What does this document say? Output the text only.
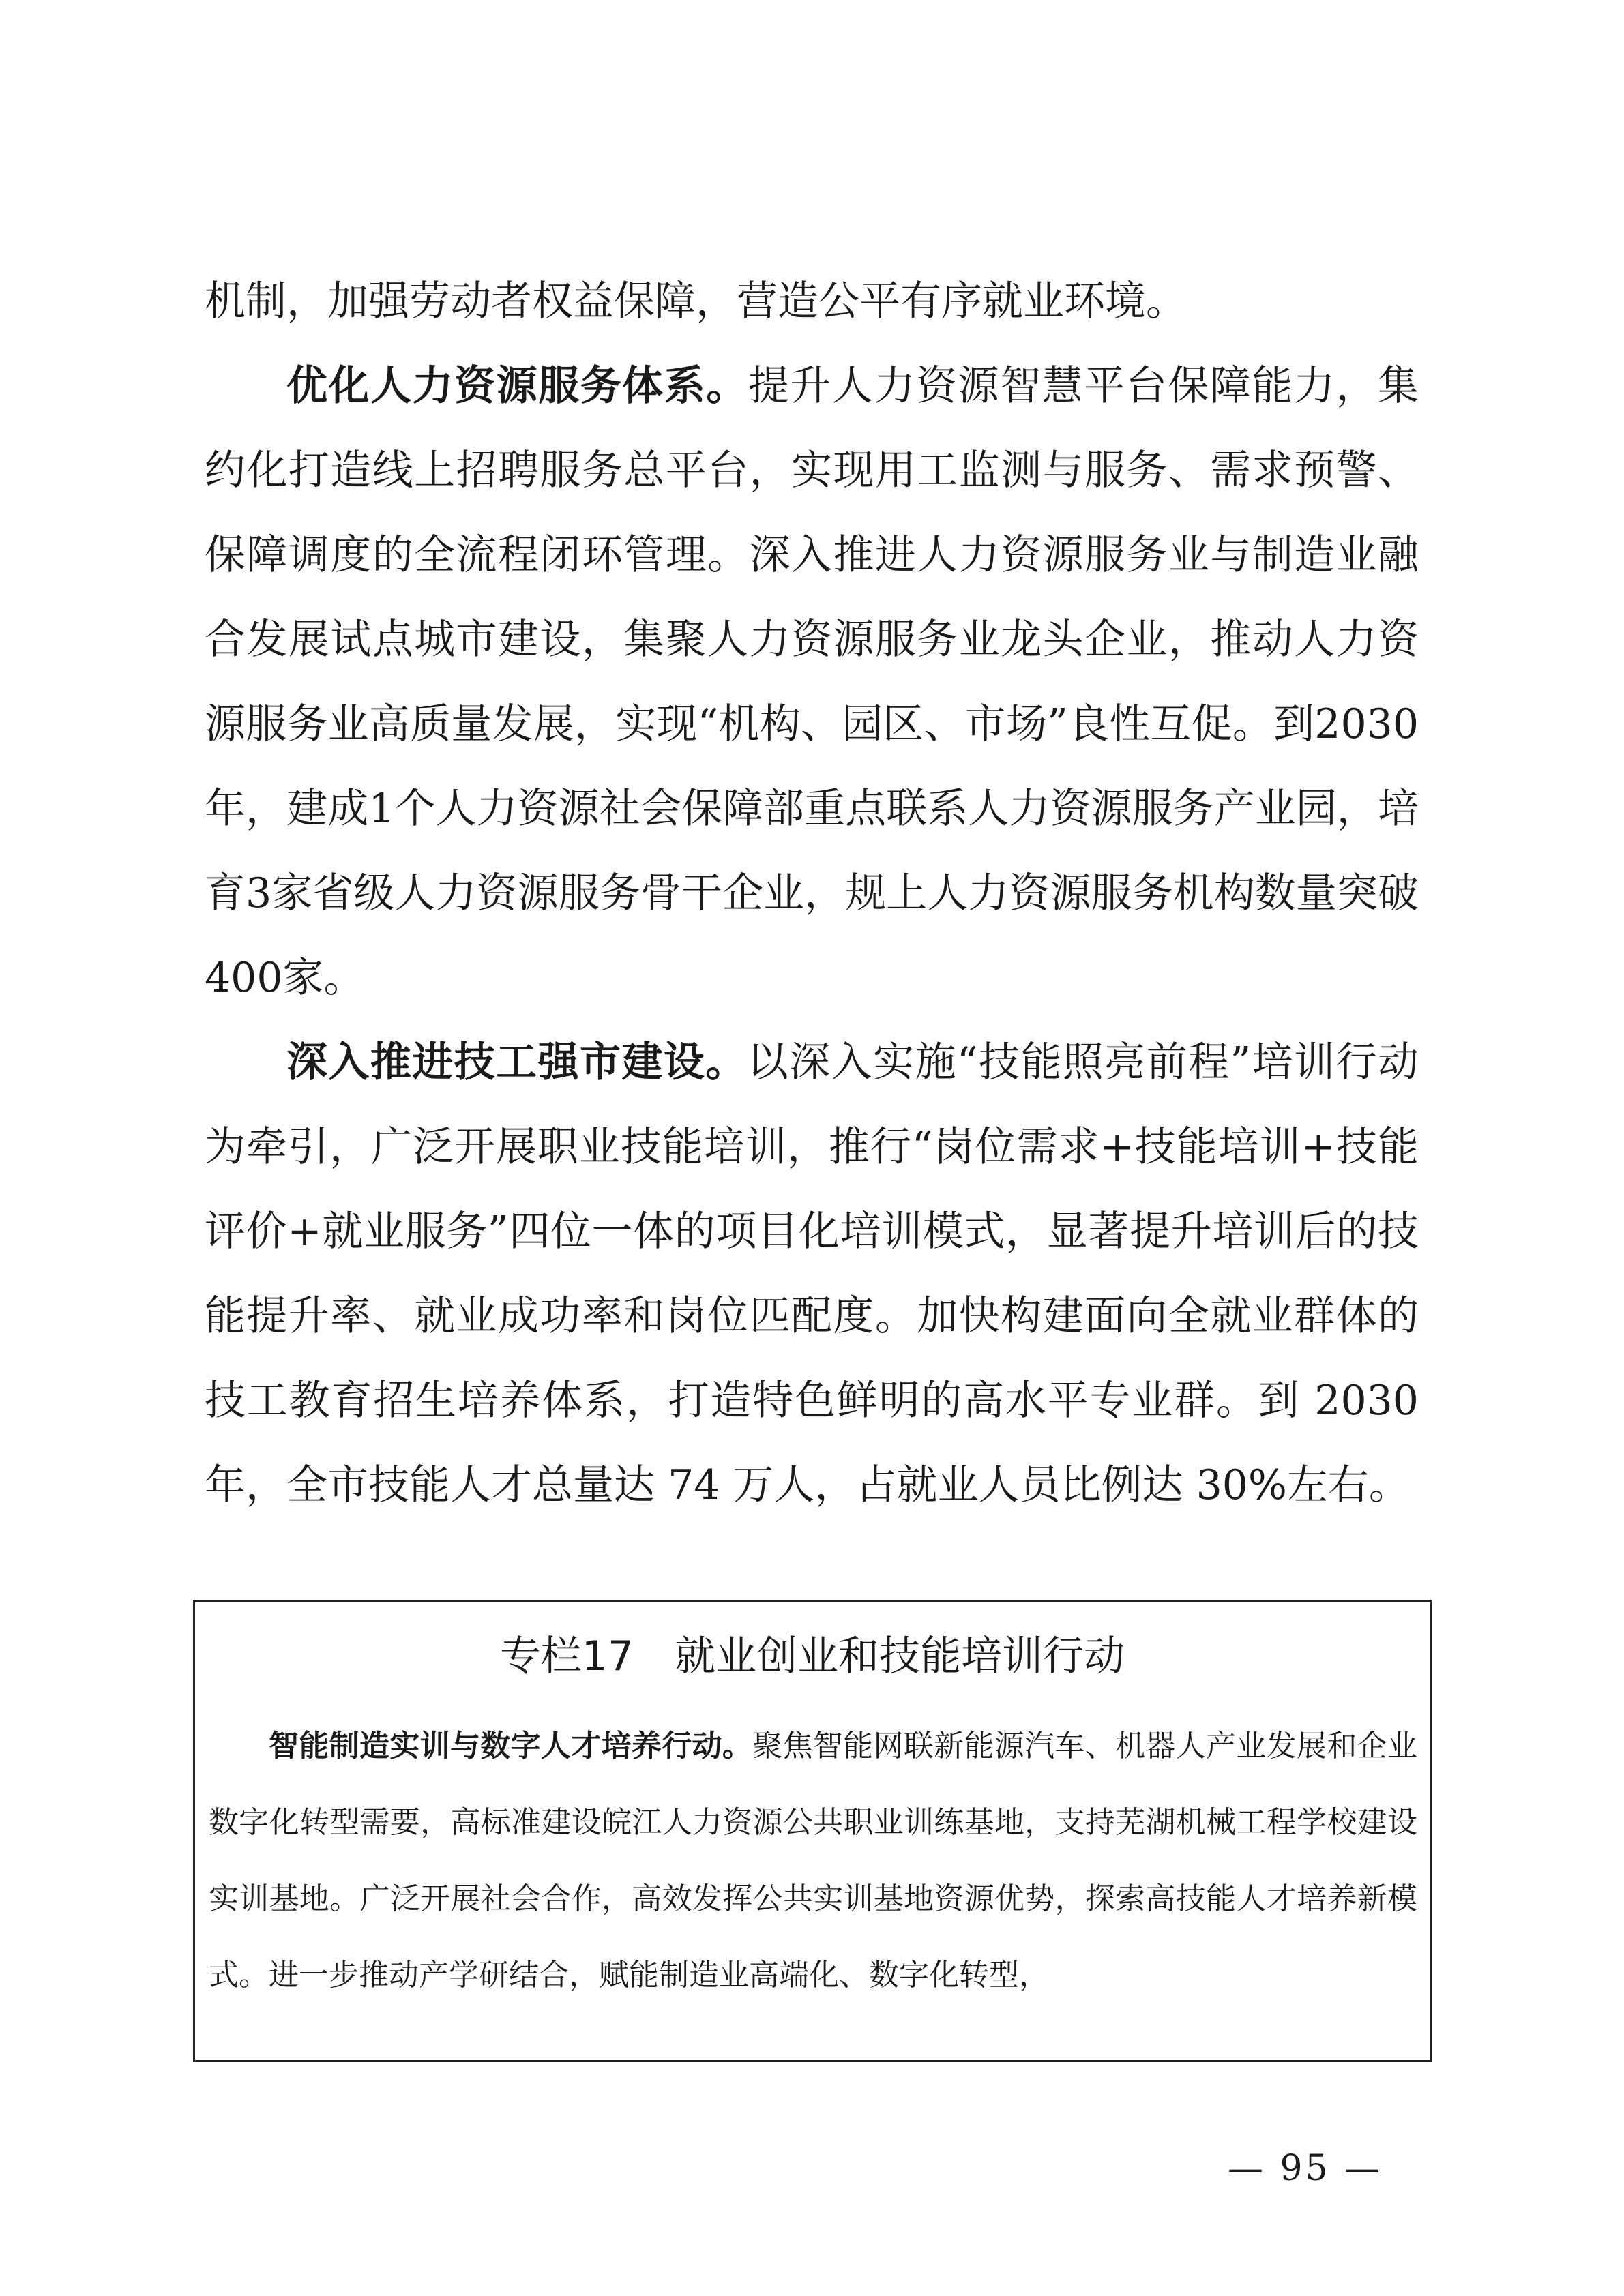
机制，加强劳动者权益保障，营造公平有序就业环境。

优化人力资源服务体系。提升人力资源智慧平台保障能力，集约化打造线上招聘服务总平台，实现用工监测与服务、需求预警、保障调度的全流程闭环管理。深入推进人力资源服务业与制造业融合发展试点城市建设，集聚人力资源服务业龙头企业，推动人力资源服务业高质量发展，实现“机构、园区、市场”良性互促。到2030年，建成1个人力资源社会保障部重点联系人力资源服务产业园，培育3家省级人力资源服务骨干企业，规上人力资源服务机构数量突破400家。

深入推进技工强市建设。以深入实施“技能照亮前程”培训行动为牵引，广泛开展职业技能培训，推行“岗位需求+技能培训+技能评价+就业服务”四位一体的项目化培训模式，显著提升培训后的技能提升率、就业成功率和岗位匹配度。加快构建面向全就业群体的技工教育招生培养体系，打造特色鲜明的高水平专业群。到 2030 年，全市技能人才总量达 74 万人，占就业人员比例达 30%左右。

专栏17 就业创业和技能培训行动

智能制造实训与数字人才培养行动。聚焦智能网联新能源汽车、机器人产业发展和企业数字化转型需要，高标准建设皖江人力资源公共职业训练基地，支持芜湖机械工程学校建设实训基地。广泛开展社会合作，高效发挥公共实训基地资源优势，探索高技能人才培养新模式。进一步推动产学研结合，赋能制造业高端化、数字化转型，

— 95 —
